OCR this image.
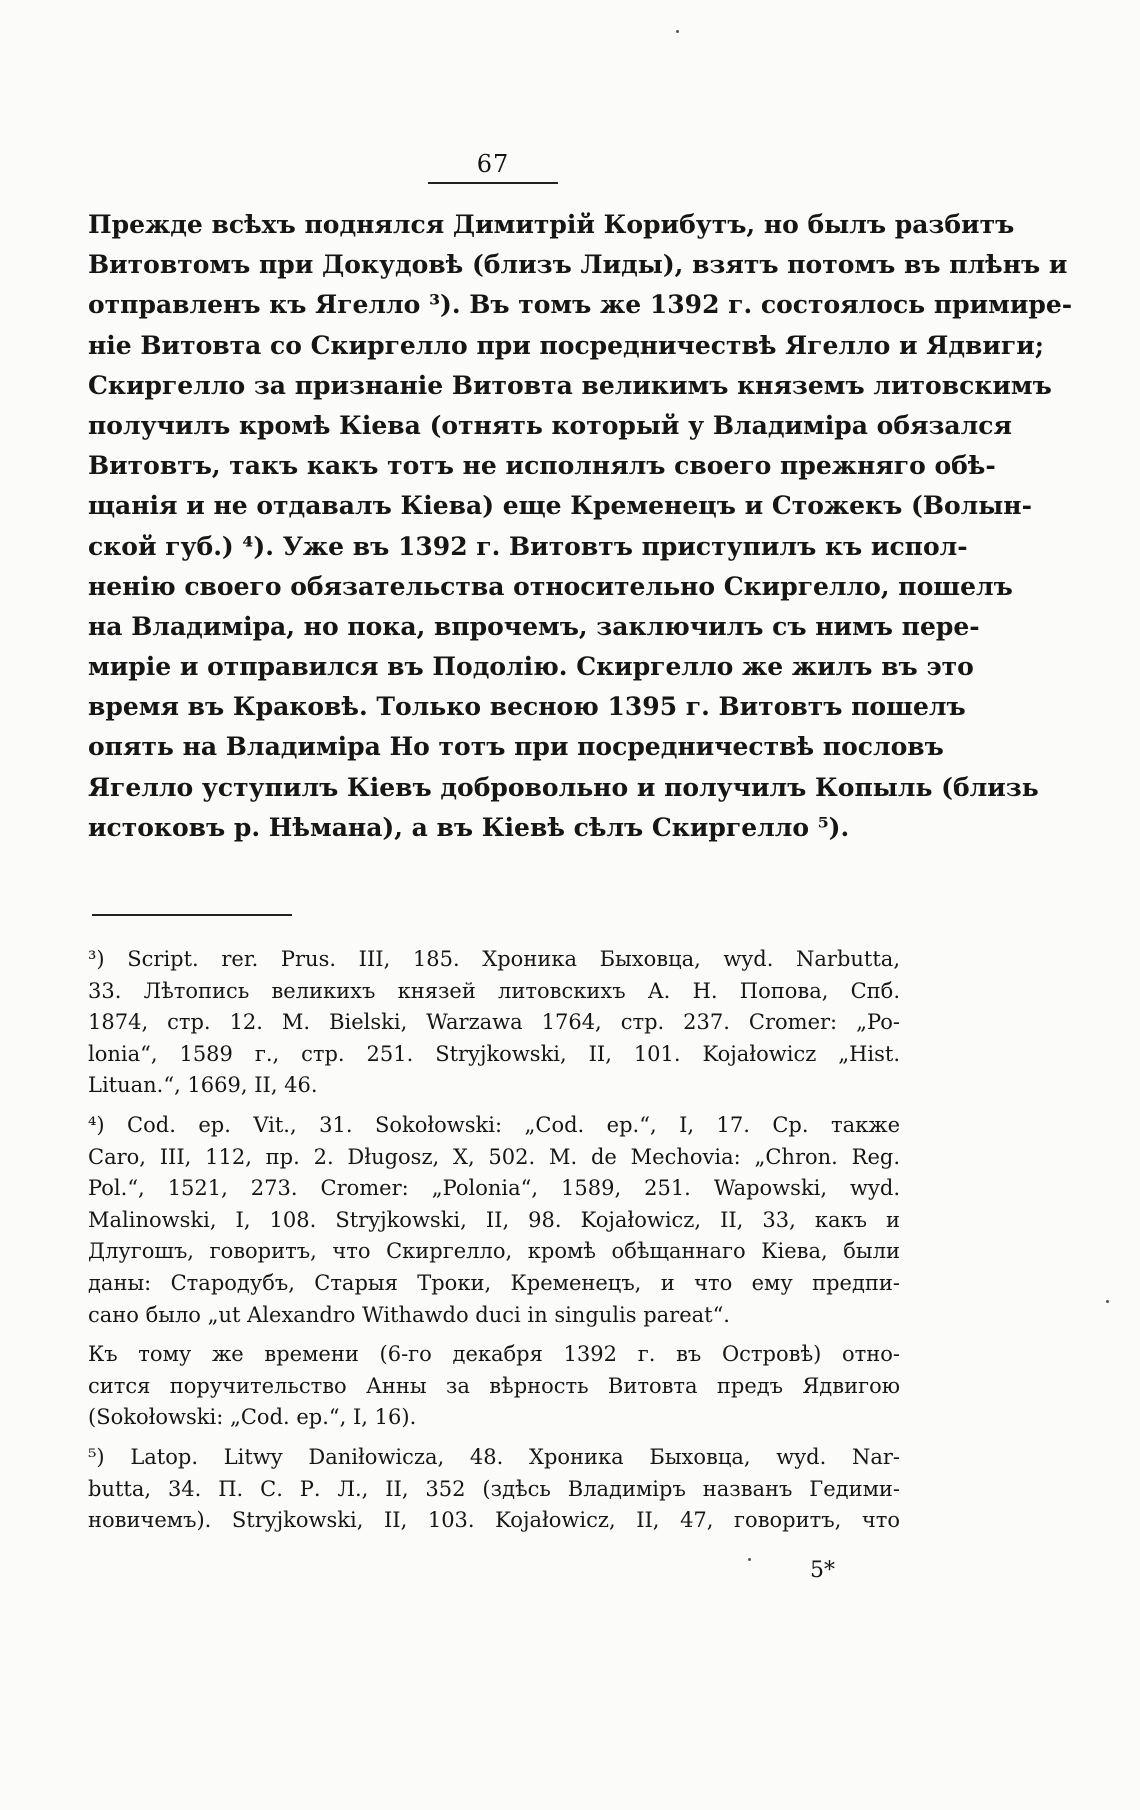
67
Прежде всѣхъ поднялся Димитрій Корибутъ, но былъ разбитъ
Витовтомъ при Докудовѣ (близъ Лиды), взятъ потомъ въ плѣнъ и
отправленъ къ Ягелло ³). Въ томъ же 1392 г. состоялось примире-
ніе Витовта со Скиргелло при посредничествѣ Ягелло и Ядвиги;
Скиргелло за признаніе Витовта великимъ княземъ литовскимъ
получилъ кромѣ Кіева (отнять который у Владиміра обязался
Витовтъ, такъ какъ тотъ не исполнялъ своего прежняго обѣ-
щанія и не отдавалъ Кіева) еще Кременецъ и Стожекъ (Волын-
ской губ.) ⁴). Уже въ 1392 г. Витовтъ приступилъ къ испол-
ненію своего обязательства относительно Скиргелло, пошелъ
на Владиміра, но пока, впрочемъ, заключилъ съ нимъ пере-
миріе и отправился въ Подолію. Скиргелло же жилъ въ это
время въ Краковѣ. Только весною 1395 г. Витовтъ пошелъ
опять на Владиміра Но тотъ при посредничествѣ пословъ
Ягелло уступилъ Кіевъ добровольно и получилъ Копыль (близь
истоковъ р. Нѣмана), а въ Кіевѣ сѣлъ Скиргелло ⁵).
³) Script. rer. Prus. III, 185. Хроника Быховца, wyd. Narbutta,
33. Лѣтопись великихъ князей литовскихъ А. Н. Попова, Спб.
1874, стр. 12. M. Bielski, Warzawa 1764, стр. 237. Cromer: „Po-
lonia“, 1589 г., стр. 251. Stryjkowski, II, 101. Kojałowicz „Hist.
Lituan.“, 1669, II, 46.
⁴) Cod. ep. Vit., 31. Sokołowski: „Cod. ep.“, I, 17. Ср. также
Caro, III, 112, пр. 2. Długosz, X, 502. M. de Mechovia: „Chron. Reg.
Pol.“, 1521, 273. Cromer: „Polonia“, 1589, 251. Wapowski, wyd.
Malinowski, I, 108. Stryjkowski, II, 98. Kojałowicz, II, 33, какъ и
Длугошъ, говоритъ, что Скиргелло, кромѣ обѣщаннаго Кіева, были
даны: Стародубъ, Старыя Троки, Кременецъ, и что ему предпи-
сано было „ut Alexandro Withawdo duci in singulis pareat“.
Къ тому же времени (6-го декабря 1392 г. въ Островѣ) отно-
сится поручительство Анны за вѣрность Витовта предъ Ядвигою
(Sokołowski: „Cod. ep.“, I, 16).
⁵) Latop. Litwy Daniłowicza, 48. Хроника Быховца, wyd. Nar-
butta, 34. П. С. Р. Л., II, 352 (здѣсь Владиміръ названъ Гедими-
новичемъ). Stryjkowski, II, 103. Kojałowicz, II, 47, говоритъ, что
5*
